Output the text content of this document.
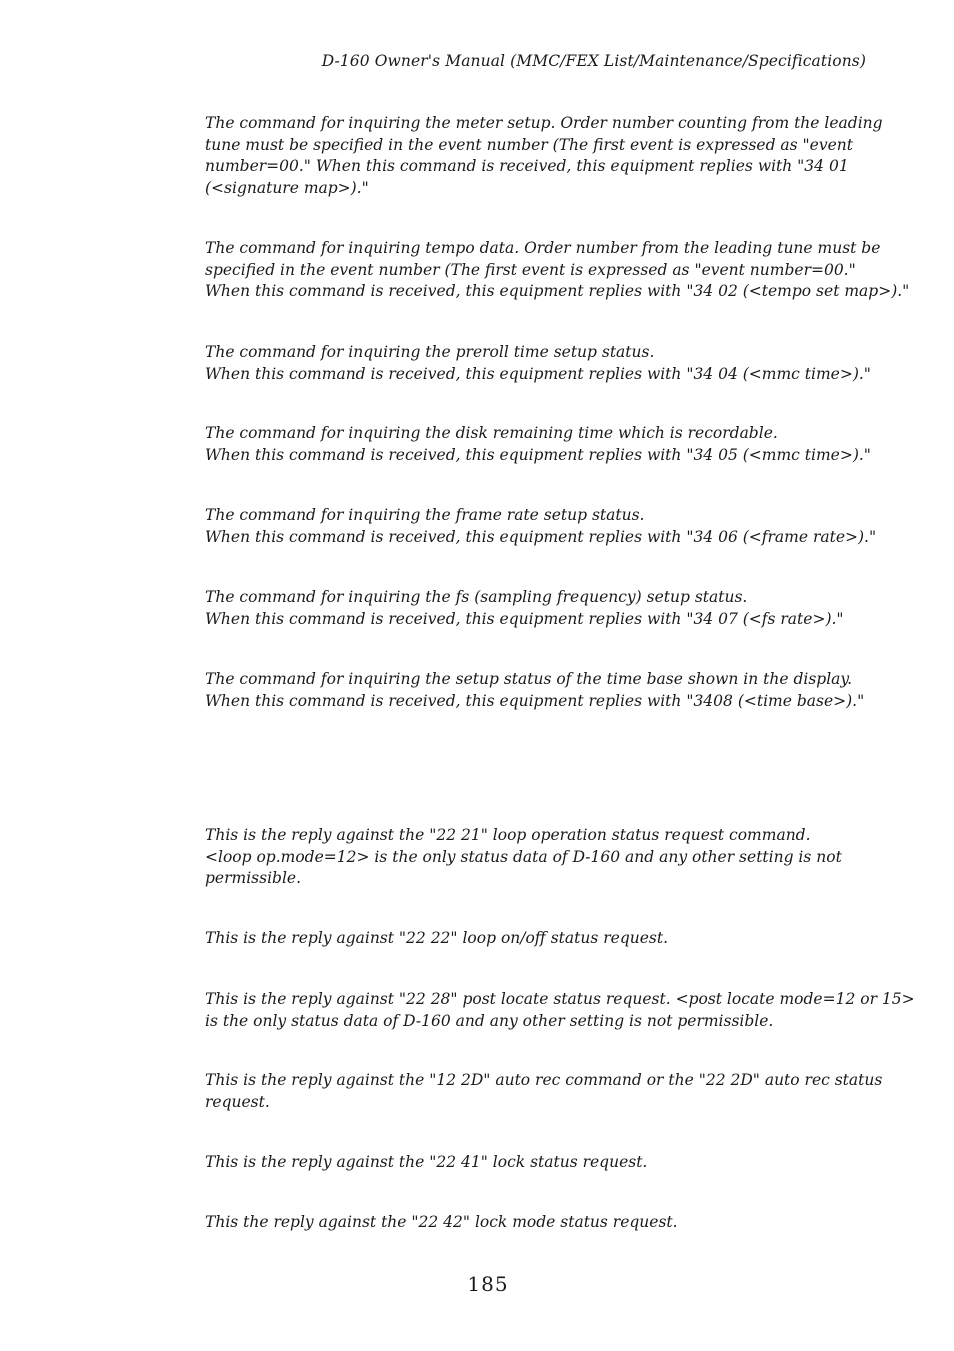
D-160 Owner's Manual (MMC/FEX List/Maintenance/Specifications)
The command for inquiring the meter setup. Order number counting from the leading
tune must be specified in the event number (The first event is expressed as "event
number=00." When this command is received, this equipment replies with "34 01
(<signature map>)."
The command for inquiring tempo data. Order number from the leading tune must be
specified in the event number (The first event is expressed as "event number=00."
When this command is received, this equipment replies with "34 02 (<tempo set map>)."
The command for inquiring the preroll time setup status.
When this command is received, this equipment replies with "34 04 (<mmc time>)."
The command for inquiring the disk remaining time which is recordable.
When this command is received, this equipment replies with "34 05 (<mmc time>)."
The command for inquiring the frame rate setup status.
When this command is received, this equipment replies with "34 06 (<frame rate>)."
The command for inquiring the fs (sampling frequency) setup status.
When this command is received, this equipment replies with "34 07 (<fs rate>)."
The command for inquiring the setup status of the time base shown in the display.
When this command is received, this equipment replies with "3408 (<time base>)."
This is the reply against the "22 21" loop operation status request command.
<loop op.mode=12> is the only status data of D-160 and any other setting is not
permissible.
This is the reply against "22 22" loop on/off status request.
This is the reply against "22 28" post locate status request. <post locate mode=12 or 15>
is the only status data of D-160 and any other setting is not permissible.
This is the reply against the "12 2D" auto rec command or the "22 2D" auto rec status
request.
This is the reply against the "22 41" lock status request.
This the reply against the "22 42" lock mode status request.
185
